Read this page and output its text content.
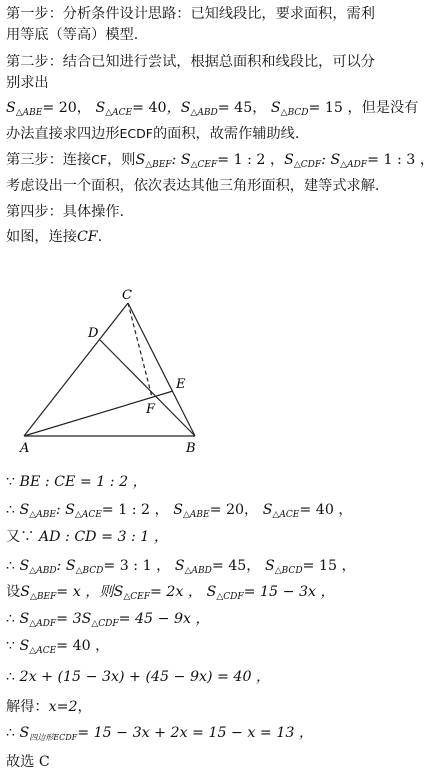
第一步：分析条件设计思路：已知线段比，要求面积，需利
用等底（等高）模型.
第二步：结合已知进行尝试，根据总面积和线段比，可以分
别求出
$S_{\triangle ABE}= 20$， $S_{\triangle ACE}= 40$，$S_{\triangle ABD}= 45$， $S_{\triangle BCD}= 15$ ，但是没有
办法直接求四边形ECDF的面积，故需作辅助线.
第三步：连接CF，则$S_{\triangle BEF}$: $S_{\triangle CEF}= 1$ : 2 ，$S_{\triangle CDF}$: $S_{\triangle ADF}= 1$ : 3 ，
考虑设出一个面积，依次表达其他三角形面积，建等式求解.
第四步：具体操作.
如图，连接CF.
C
D
E
F
A	B
∵ BE : CE = 1 : 2 ，
∴ $S_{\triangle ABE}$: $S_{\triangle ACE}= 1$ : 2 ， $S_{\triangle ABE}= 20$， $S_{\triangle ACE}= 40$ ，
又∵ AD : CD = 3 : 1 ，
∴ $S_{\triangle ABD}$: $S_{\triangle BCD}= 3$ : 1 ， $S_{\triangle ABD}= 45$， $S_{\triangle BCD}= 15$ ，
设$S_{\triangle BEF}= x$ ，则$S_{\triangle CEF}= 2x$ ， $S_{\triangle CDF}= 15 - 3x$ ，
∴ $S_{\triangle ADF}= 3S_{\triangle CDF}= 45 - 9x$ ，
∵ $S_{\triangle ACE}= 40$ ，
∴ 2x + (15 − 3x) + (45 − 9x) = 40 ，
解得：x=2，
∴ $S_{四边形ECDF}= 15 - 3x + 2x = 15 - x = 13$ ，
故选 C
